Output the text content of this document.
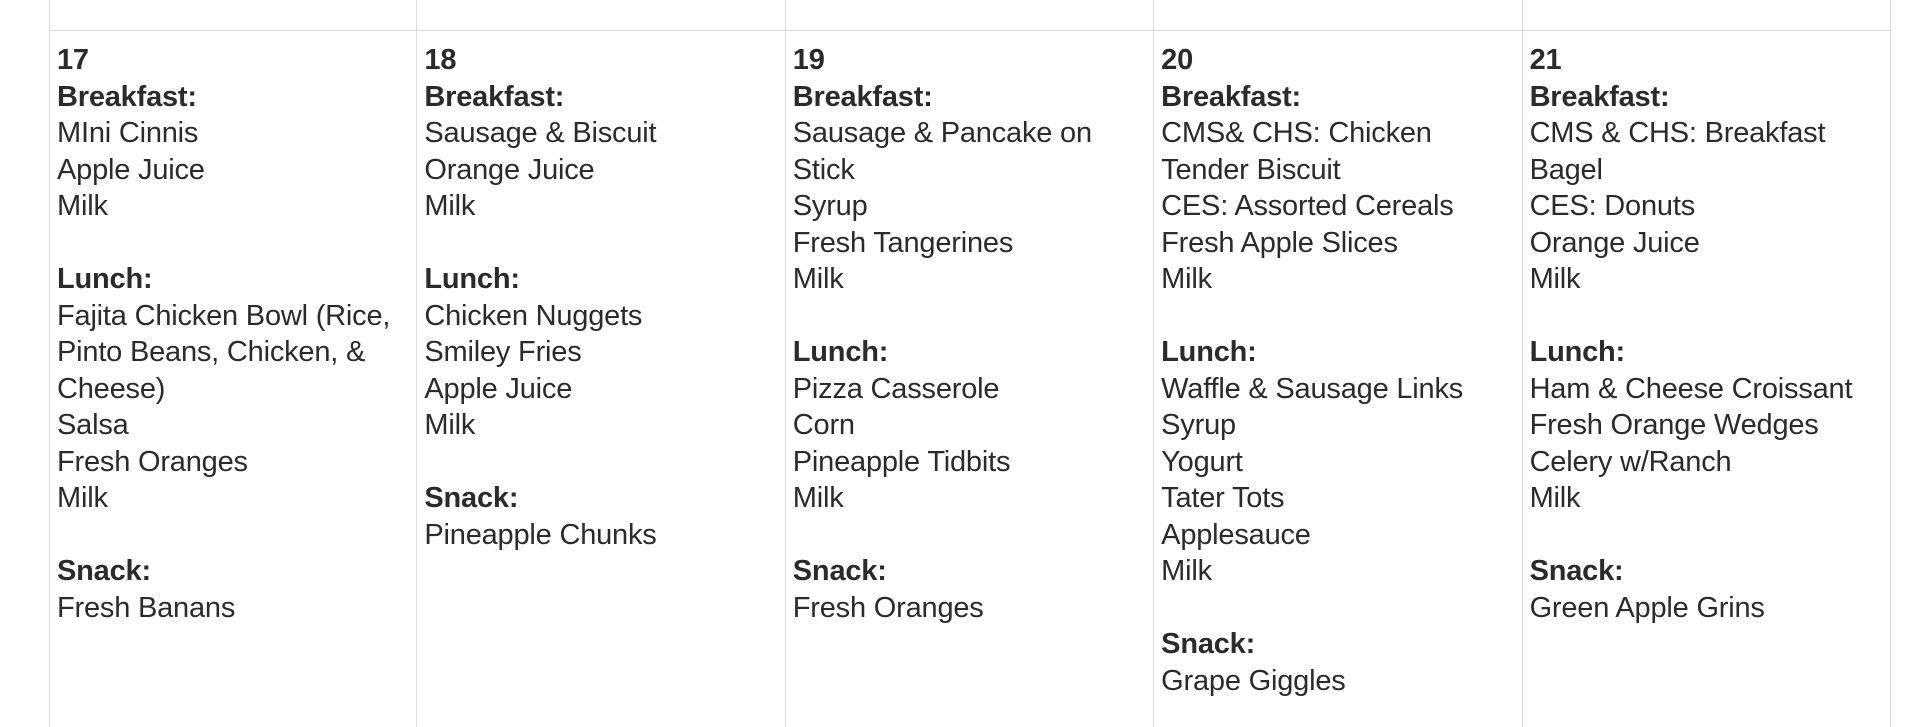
17
Breakfast:
MIni Cinnis
Apple Juice
Milk
Lunch:
Fajita Chicken Bowl (Rice, Pinto Beans, Chicken, & Cheese)
Salsa
Fresh Oranges
Milk
Snack:
Fresh Banans
18
Breakfast:
Sausage & Biscuit
Orange Juice
Milk
Lunch:
Chicken Nuggets
Smiley Fries
Apple Juice
Milk
Snack:
Pineapple Chunks
19
Breakfast:
Sausage & Pancake on Stick
Syrup
Fresh Tangerines
Milk
Lunch:
Pizza Casserole
Corn
Pineapple Tidbits
Milk
Snack:
Fresh Oranges
20
Breakfast:
CMS& CHS: Chicken Tender Biscuit
CES: Assorted Cereals
Fresh Apple Slices
Milk
Lunch:
Waffle & Sausage Links
Syrup
Yogurt
Tater Tots
Applesauce
Milk
Snack:
Grape Giggles
21
Breakfast:
CMS & CHS: Breakfast Bagel
CES: Donuts
Orange Juice
Milk
Lunch:
Ham & Cheese Croissant
Fresh Orange Wedges
Celery w/Ranch
Milk
Snack:
Green Apple Grins
